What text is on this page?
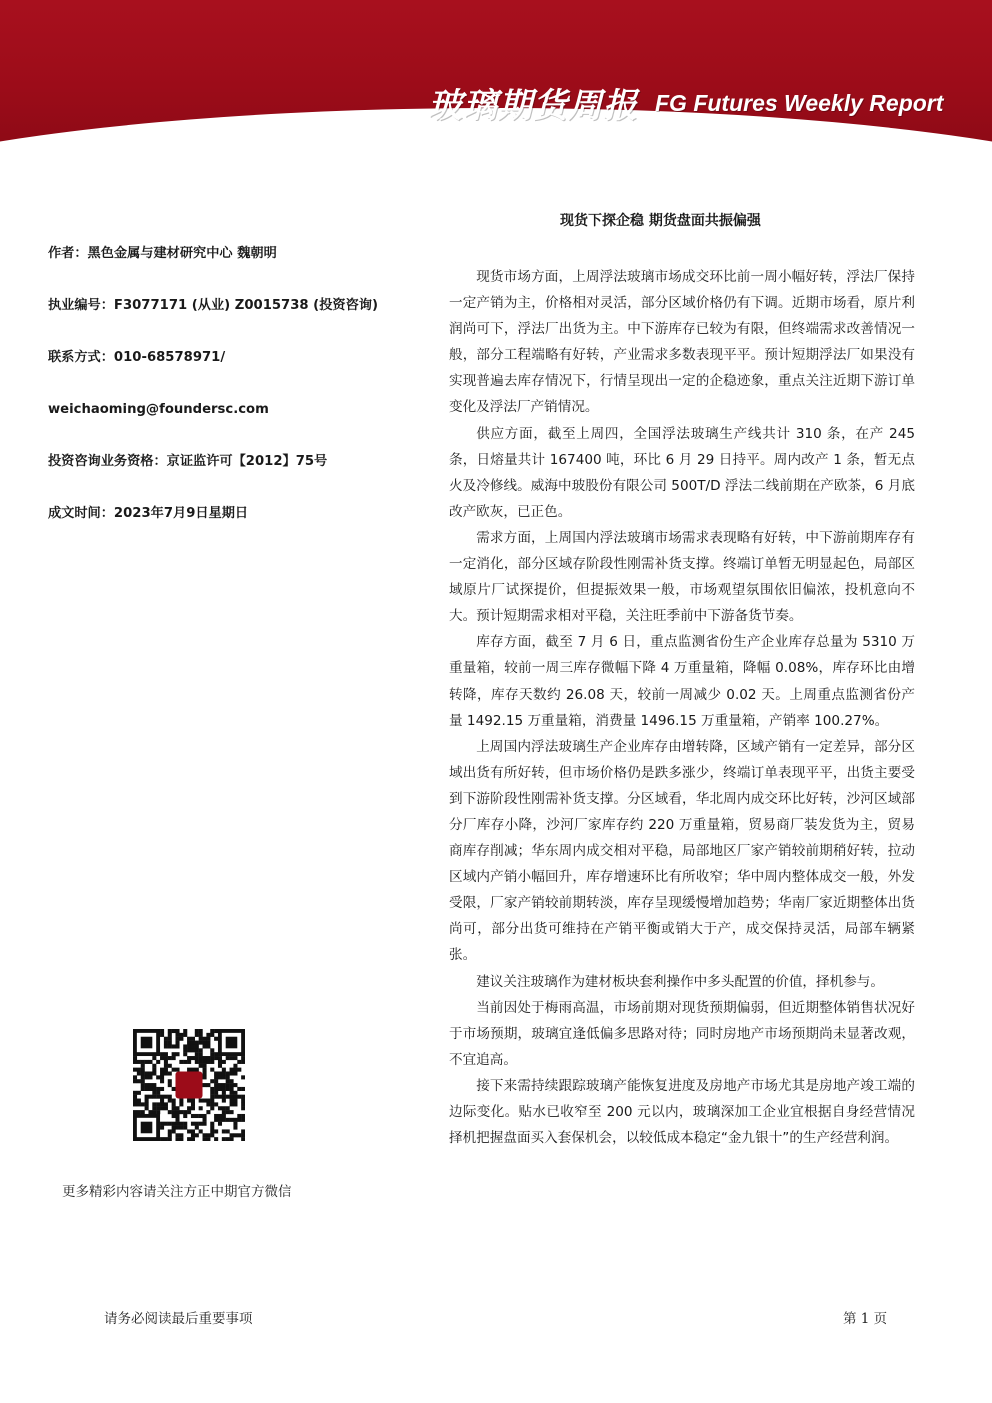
玻璃期货周报 FG Futures Weekly Report
现货下探企稳 期货盘面共振偏强
作者：黑色金属与建材研究中心 魏朝明
执业编号：F3077171 (从业) Z0015738 (投资咨询)
联系方式：010-68578971/
weichaoming@foundersc.com
投资咨询业务资格：京证监许可【2012】75号
成文时间：2023年7月9日星期日

现货市场方面，上周浮法玻璃市场成交环比前一周小幅好转，浮法厂保持一定产销为主，价格相对灵活，部分区域价格仍有下调。近期市场看，原片利润尚可下，浮法厂出货为主。中下游库存已较为有限，但终端需求改善情况一般，部分工程端略有好转，产业需求多数表现平平。预计短期浮法厂如果没有实现普遍去库存情况下，行情呈现出一定的企稳迹象，重点关注近期下游订单变化及浮法厂产销情况。

供应方面，截至上周四，全国浮法玻璃生产线共计 310 条，在产 245 条，日熔量共计 167400 吨，环比 6 月 29 日持平。周内改产 1 条，暂无点火及冷修线。威海中玻股份有限公司 500T/D 浮法二线前期在产欧茶，6 月底改产欧灰，已正色。

需求方面，上周国内浮法玻璃市场需求表现略有好转，中下游前期库存有一定消化，部分区域存阶段性刚需补货支撑。终端订单暂无明显起色，局部区域原片厂试探提价，但提振效果一般，市场观望氛围依旧偏浓，投机意向不大。预计短期需求相对平稳，关注旺季前中下游备货节奏。

库存方面，截至 7 月 6 日，重点监测省份生产企业库存总量为 5310 万重量箱，较前一周三库存微幅下降 4 万重量箱，降幅 0.08%，库存环比由增转降，库存天数约 26.08 天，较前一周减少 0.02 天。上周重点监测省份产量 1492.15 万重量箱，消费量 1496.15 万重量箱，产销率 100.27%。

上周国内浮法玻璃生产企业库存由增转降，区域产销有一定差异，部分区域出货有所好转，但市场价格仍是跌多涨少，终端订单表现平平，出货主要受到下游阶段性刚需补货支撑。分区域看，华北周内成交环比好转，沙河区域部分厂库存小降，沙河厂家库存约 220 万重量箱，贸易商厂装发货为主，贸易商库存削减；华东周内成交相对平稳，局部地区厂家产销较前期稍好转，拉动区域内产销小幅回升，库存增速环比有所收窄；华中周内整体成交一般，外发受限，厂家产销较前期转淡，库存呈现缓慢增加趋势；华南厂家近期整体出货尚可，部分出货可维持在产销平衡或销大于产，成交保持灵活，局部车辆紧张。

建议关注玻璃作为建材板块套利操作中多头配置的价值，择机参与。

当前因处于梅雨高温，市场前期对现货预期偏弱，但近期整体销售状况好于市场预期，玻璃宜逢低偏多思路对待；同时房地产市场预期尚未显著改观，不宜追高。

接下来需持续跟踪玻璃产能恢复进度及房地产市场尤其是房地产竣工端的边际变化。贴水已收窄至 200 元以内，玻璃深加工企业宜根据自身经营情况择机把握盘面买入套保机会，以较低成本稳定“金九银十”的生产经营利润。

更多精彩内容请关注方正中期官方微信
请务必阅读最后重要事项	第 1 页
